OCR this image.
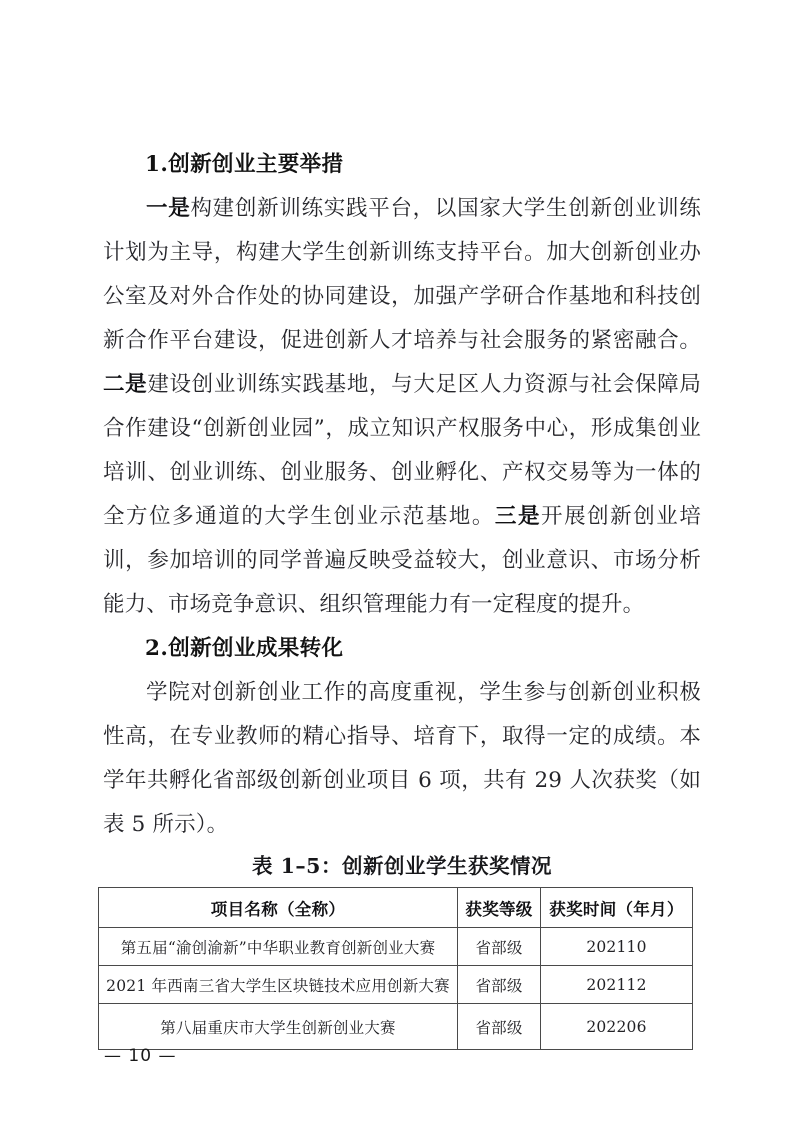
1.创新创业主要举措

一是构建创新训练实践平台，以国家大学生创新创业训练计划为主导，构建大学生创新训练支持平台。加大创新创业办公室及对外合作处的协同建设，加强产学研合作基地和科技创新合作平台建设，促进创新人才培养与社会服务的紧密融合。二是建设创业训练实践基地，与大足区人力资源与社会保障局合作建设“创新创业园”，成立知识产权服务中心，形成集创业培训、创业训练、创业服务、创业孵化、产权交易等为一体的全方位多通道的大学生创业示范基地。三是开展创新创业培训，参加培训的同学普遍反映受益较大，创业意识、市场分析能力、市场竞争意识、组织管理能力有一定程度的提升。

2.创新创业成果转化

学院对创新创业工作的高度重视，学生参与创新创业积极性高，在专业教师的精心指导、培育下，取得一定的成绩。本学年共孵化省部级创新创业项目 6 项，共有 29 人次获奖（如表 5 所示）。

表 1–5：创新创业学生获奖情况
项目名称（全称）	获奖等级	获奖时间（年月）
第五届“渝创渝新”中华职业教育创新创业大赛	省部级	202110
2021 年西南三省大学生区块链技术应用创新大赛	省部级	202112
第八届重庆市大学生创新创业大赛	省部级	202206
— 10 —
